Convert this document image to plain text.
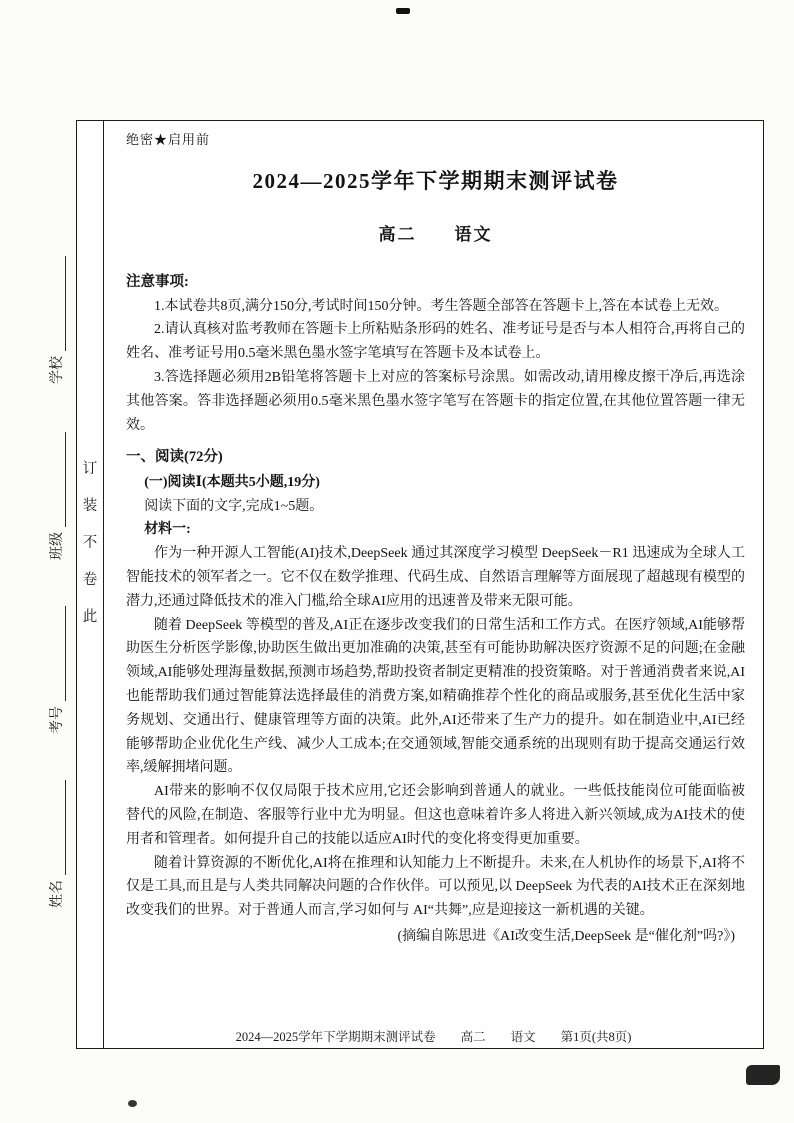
学校
班级
考号
姓名
订
装
不
卷
此
绝密★启用前
2024—2025学年下学期期末测评试卷
高二　　语文
注意事项:

1.本试卷共8页,满分150分,考试时间150分钟。考生答题全部答在答题卡上,答在本试卷上无效。

2.请认真核对监考教师在答题卡上所粘贴条形码的姓名、准考证号是否与本人相符合,再将自己的姓名、准考证号用0.5毫米黑色墨水签字笔填写在答题卡及本试卷上。

3.答选择题必须用2B铅笔将答题卡上对应的答案标号涂黑。如需改动,请用橡皮擦干净后,再选涂其他答案。答非选择题必须用0.5毫米黑色墨水签字笔写在答题卡的指定位置,在其他位置答题一律无效。

一、阅读(72分)
(一)阅读Ⅰ(本题共5小题,19分)
阅读下面的文字,完成1~5题。
材料一:

作为一种开源人工智能(AI)技术,DeepSeek 通过其深度学习模型 DeepSeek－R1 迅速成为全球人工智能技术的领军者之一。它不仅在数学推理、代码生成、自然语言理解等方面展现了超越现有模型的潜力,还通过降低技术的准入门槛,给全球AI应用的迅速普及带来无限可能。

随着 DeepSeek 等模型的普及,AI正在逐步改变我们的日常生活和工作方式。在医疗领域,AI能够帮助医生分析医学影像,协助医生做出更加准确的决策,甚至有可能协助解决医疗资源不足的问题;在金融领域,AI能够处理海量数据,预测市场趋势,帮助投资者制定更精准的投资策略。对于普通消费者来说,AI也能帮助我们通过智能算法选择最佳的消费方案,如精确推荐个性化的商品或服务,甚至优化生活中家务规划、交通出行、健康管理等方面的决策。此外,AI还带来了生产力的提升。如在制造业中,AI已经能够帮助企业优化生产线、减少人工成本;在交通领域,智能交通系统的出现则有助于提高交通运行效率,缓解拥堵问题。

AI带来的影响不仅仅局限于技术应用,它还会影响到普通人的就业。一些低技能岗位可能面临被替代的风险,在制造、客服等行业中尤为明显。但这也意味着许多人将进入新兴领域,成为AI技术的使用者和管理者。如何提升自己的技能以适应AI时代的变化将变得更加重要。

随着计算资源的不断优化,AI将在推理和认知能力上不断提升。未来,在人机协作的场景下,AI将不仅是工具,而且是与人类共同解决问题的合作伙伴。可以预见,以 DeepSeek 为代表的AI技术正在深刻地改变我们的世界。对于普通人而言,学习如何与 AI“共舞”,应是迎接这一新机遇的关键。

(摘编自陈思进《AI改变生活,DeepSeek 是“催化剂”吗?》)
2024—2025学年下学期期末测评试卷　　高二　　语文　　第1页(共8页)
